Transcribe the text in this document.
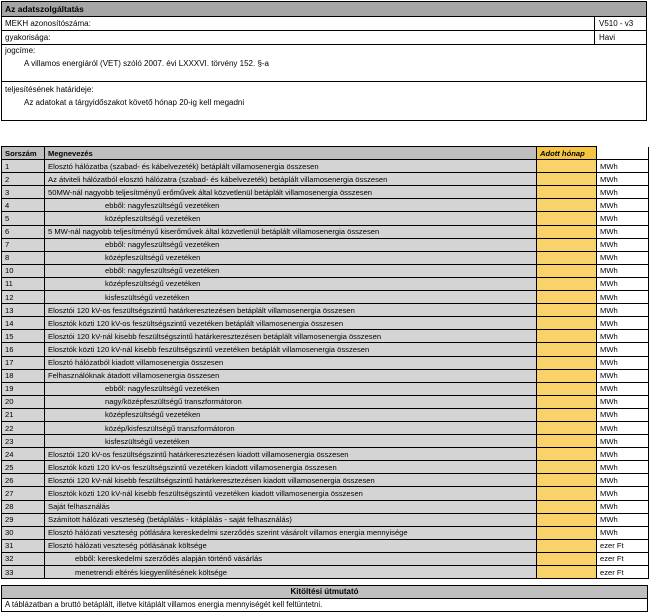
Az adatszolgáltatás
MEKH azonosítószáma:	V510 - v3
gyakorisága:	Havi
jogcíme:
A villamos energiáról (VET) szóló 2007. évi LXXXVI. törvény 152. §-a
teljesítésének határideje:
Az adatokat a tárgyidőszakot követő hónap 20-ig kell megadni
Sorszám	Megnevezés	Adott hónap	
1	Elosztó hálózatba (szabad- és kábelvezeték) betáplált villamosenergia összesen		MWh
2	Az átviteli hálózatból elosztó hálózatra (szabad- és kábelvezeték) betáplált villamosenergia összesen		MWh
3	50MW-nál nagyobb teljesítményű erőművek által közvetlenül betáplált villamosenergia összesen		MWh
4	ebből: nagyfeszültségű vezetéken		MWh
5	középfeszültségű vezetéken		MWh
6	5 MW-nál nagyobb teljesítményű kiserőművek által közvetlenül betáplált villamosenergia összesen		MWh
7	ebből: nagyfeszültségű vezetéken		MWh
8	középfeszültségű vezetéken		MWh
10	ebből: nagyfeszültségű vezetéken		MWh
11	középfeszültségű vezetéken		MWh
12	kisfeszültségű vezetéken		MWh
13	Elosztói 120 kV-os feszültségszintű határkeresztezésen betáplált villamosenergia összesen		MWh
14	Elosztók közti 120 kV-os feszültségszintű vezetéken betáplált villamosenergia összesen		MWh
15	Elosztói 120 kV-nál kisebb feszültségszintű határkeresztezésen betáplált villamosenergia összesen		MWh
16	Elosztók közti 120 kV-nál kisebb feszültségszintű vezetéken betáplált villamosenergia összesen		MWh
17	Elosztó hálózatból kiadott villamosenergia összesen		MWh
18	Felhasználóknak átadott villamosenergia összesen		MWh
19	ebből: nagyfeszültségű vezetéken		MWh
20	nagy/középfeszültségű transzformátoron		MWh
21	középfeszültségű vezetéken		MWh
22	közép/kisfeszültségű transzformátoron		MWh
23	kisfeszültségű vezetéken		MWh
24	Elosztói 120 kV-os feszültségszintű határkeresztezésen kiadott villamosenergia összesen		MWh
25	Elosztók közti 120 kV-os feszültségszintű vezetéken kiadott villamosenergia összesen		MWh
26	Elosztói 120 kV-nál kisebb feszültségszintű határkeresztezésen kiadott villamosenergia összesen		MWh
27	Elosztók közti 120 kV-nál kisebb feszültségszintű vezetéken kiadott villamosenergia összesen		MWh
28	Saját felhasználás		MWh
29	Számított hálózati veszteség (betáplálás - kitáplálás - saját felhasználás)		MWh
30	Elosztó hálózati veszteség pótlására kereskedelmi szerződés szerint vásárolt villamos energia mennyisége		MWh
31	Elosztó hálózati veszteség pótlásának költsége		ezer Ft
32	ebből: kereskedelmi szerződés alapján történő vásárlás		ezer Ft
33	menetrendi eltérés kiegyenlítésének költsége		ezer Ft
Kitöltési útmutató
A táblázatban a bruttó betáplált, illetve kitáplált villamos energia mennyiségét kell feltüntetni.
